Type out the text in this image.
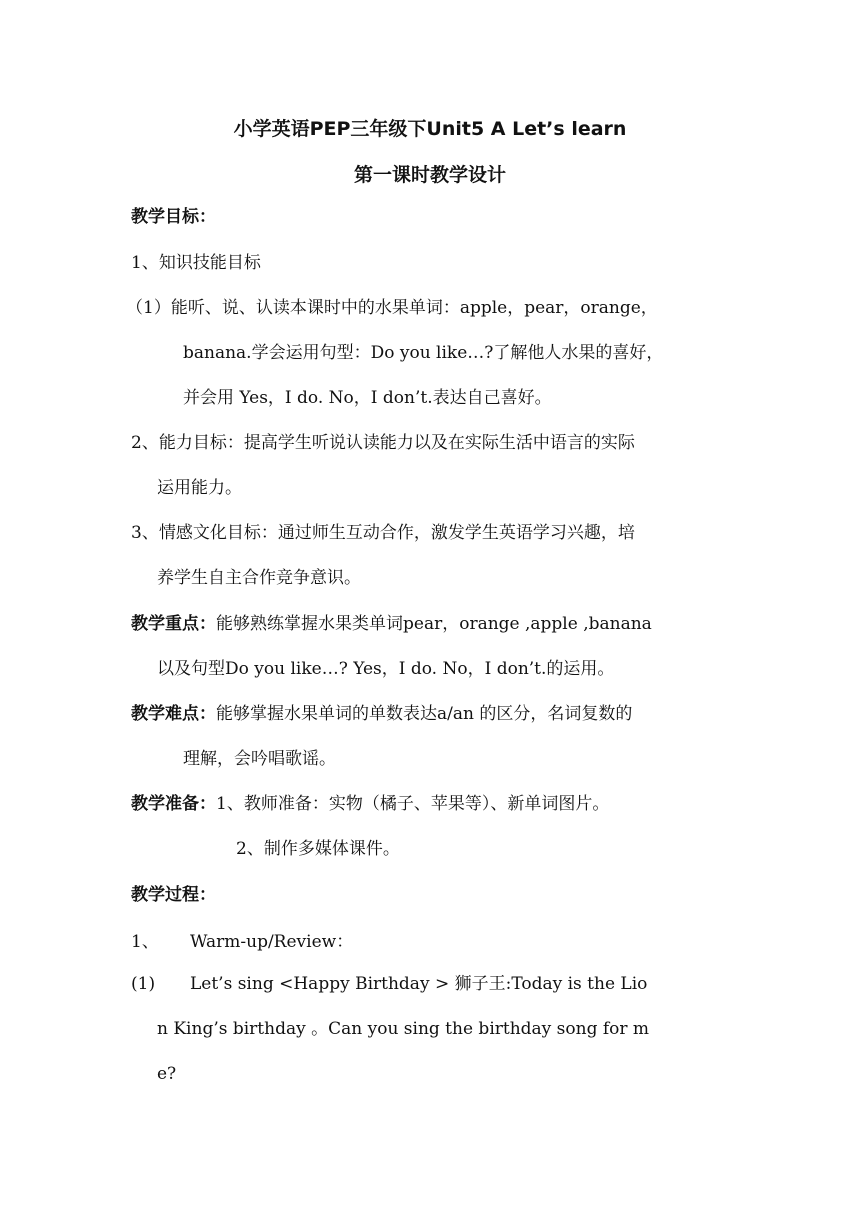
小学英语PEP三年级下Unit5 A Let’s learn
第一课时教学设计
教学目标：
1、知识技能目标
（1）能听、说、认读本课时中的水果单词：apple，pear，orange，
banana.学会运用句型：Do you like…?了解他人水果的喜好，
并会用 Yes，I do. No，I don’t.表达自己喜好。
2、能力目标：提高学生听说认读能力以及在实际生活中语言的实际
运用能力。
3、情感文化目标：通过师生互动合作，激发学生英语学习兴趣，培
养学生自主合作竞争意识。
教学重点：能够熟练掌握水果类单词pear，orange ,apple ,banana
以及句型Do you like…? Yes，I do. No，I don’t.的运用。
教学难点：能够掌握水果单词的单数表达a/an 的区分，名词复数的
理解，会吟唱歌谣。
教学准备：1、教师准备：实物（橘子、苹果等）、新单词图片。
2、制作多媒体课件。
教学过程：
1、 Warm-up/Review：
(1) Let’s sing <Happy Birthday > 狮子王:Today is the Lio
n King’s birthday 。Can you sing the birthday song for m
e?
